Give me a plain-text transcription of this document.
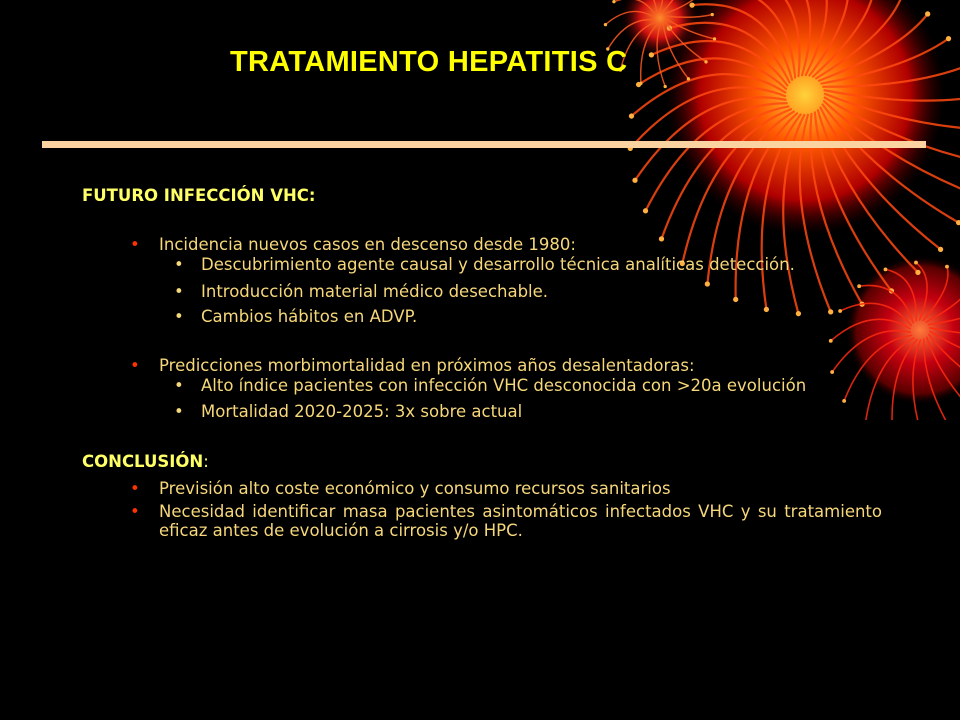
TRATAMIENTO HEPATITIS C

FUTURO INFECCIÓN VHC:

• Incidencia nuevos casos en descenso desde 1980:
• Descubrimiento agente causal y desarrollo técnica analíticas detección.
• Introducción material médico desechable.
• Cambios hábitos en ADVP.
• Predicciones morbimortalidad en próximos años desalentadoras:
• Alto índice pacientes con infección VHC desconocida con >20a evolución
• Mortalidad 2020-2025: 3x sobre actual

CONCLUSIÓN:

• Previsión alto coste económico y consumo recursos sanitarios
• Necesidad identificar masa pacientes asintomáticos infectados VHC y su tratamiento eficaz antes de evolución a cirrosis y/o HPC.
